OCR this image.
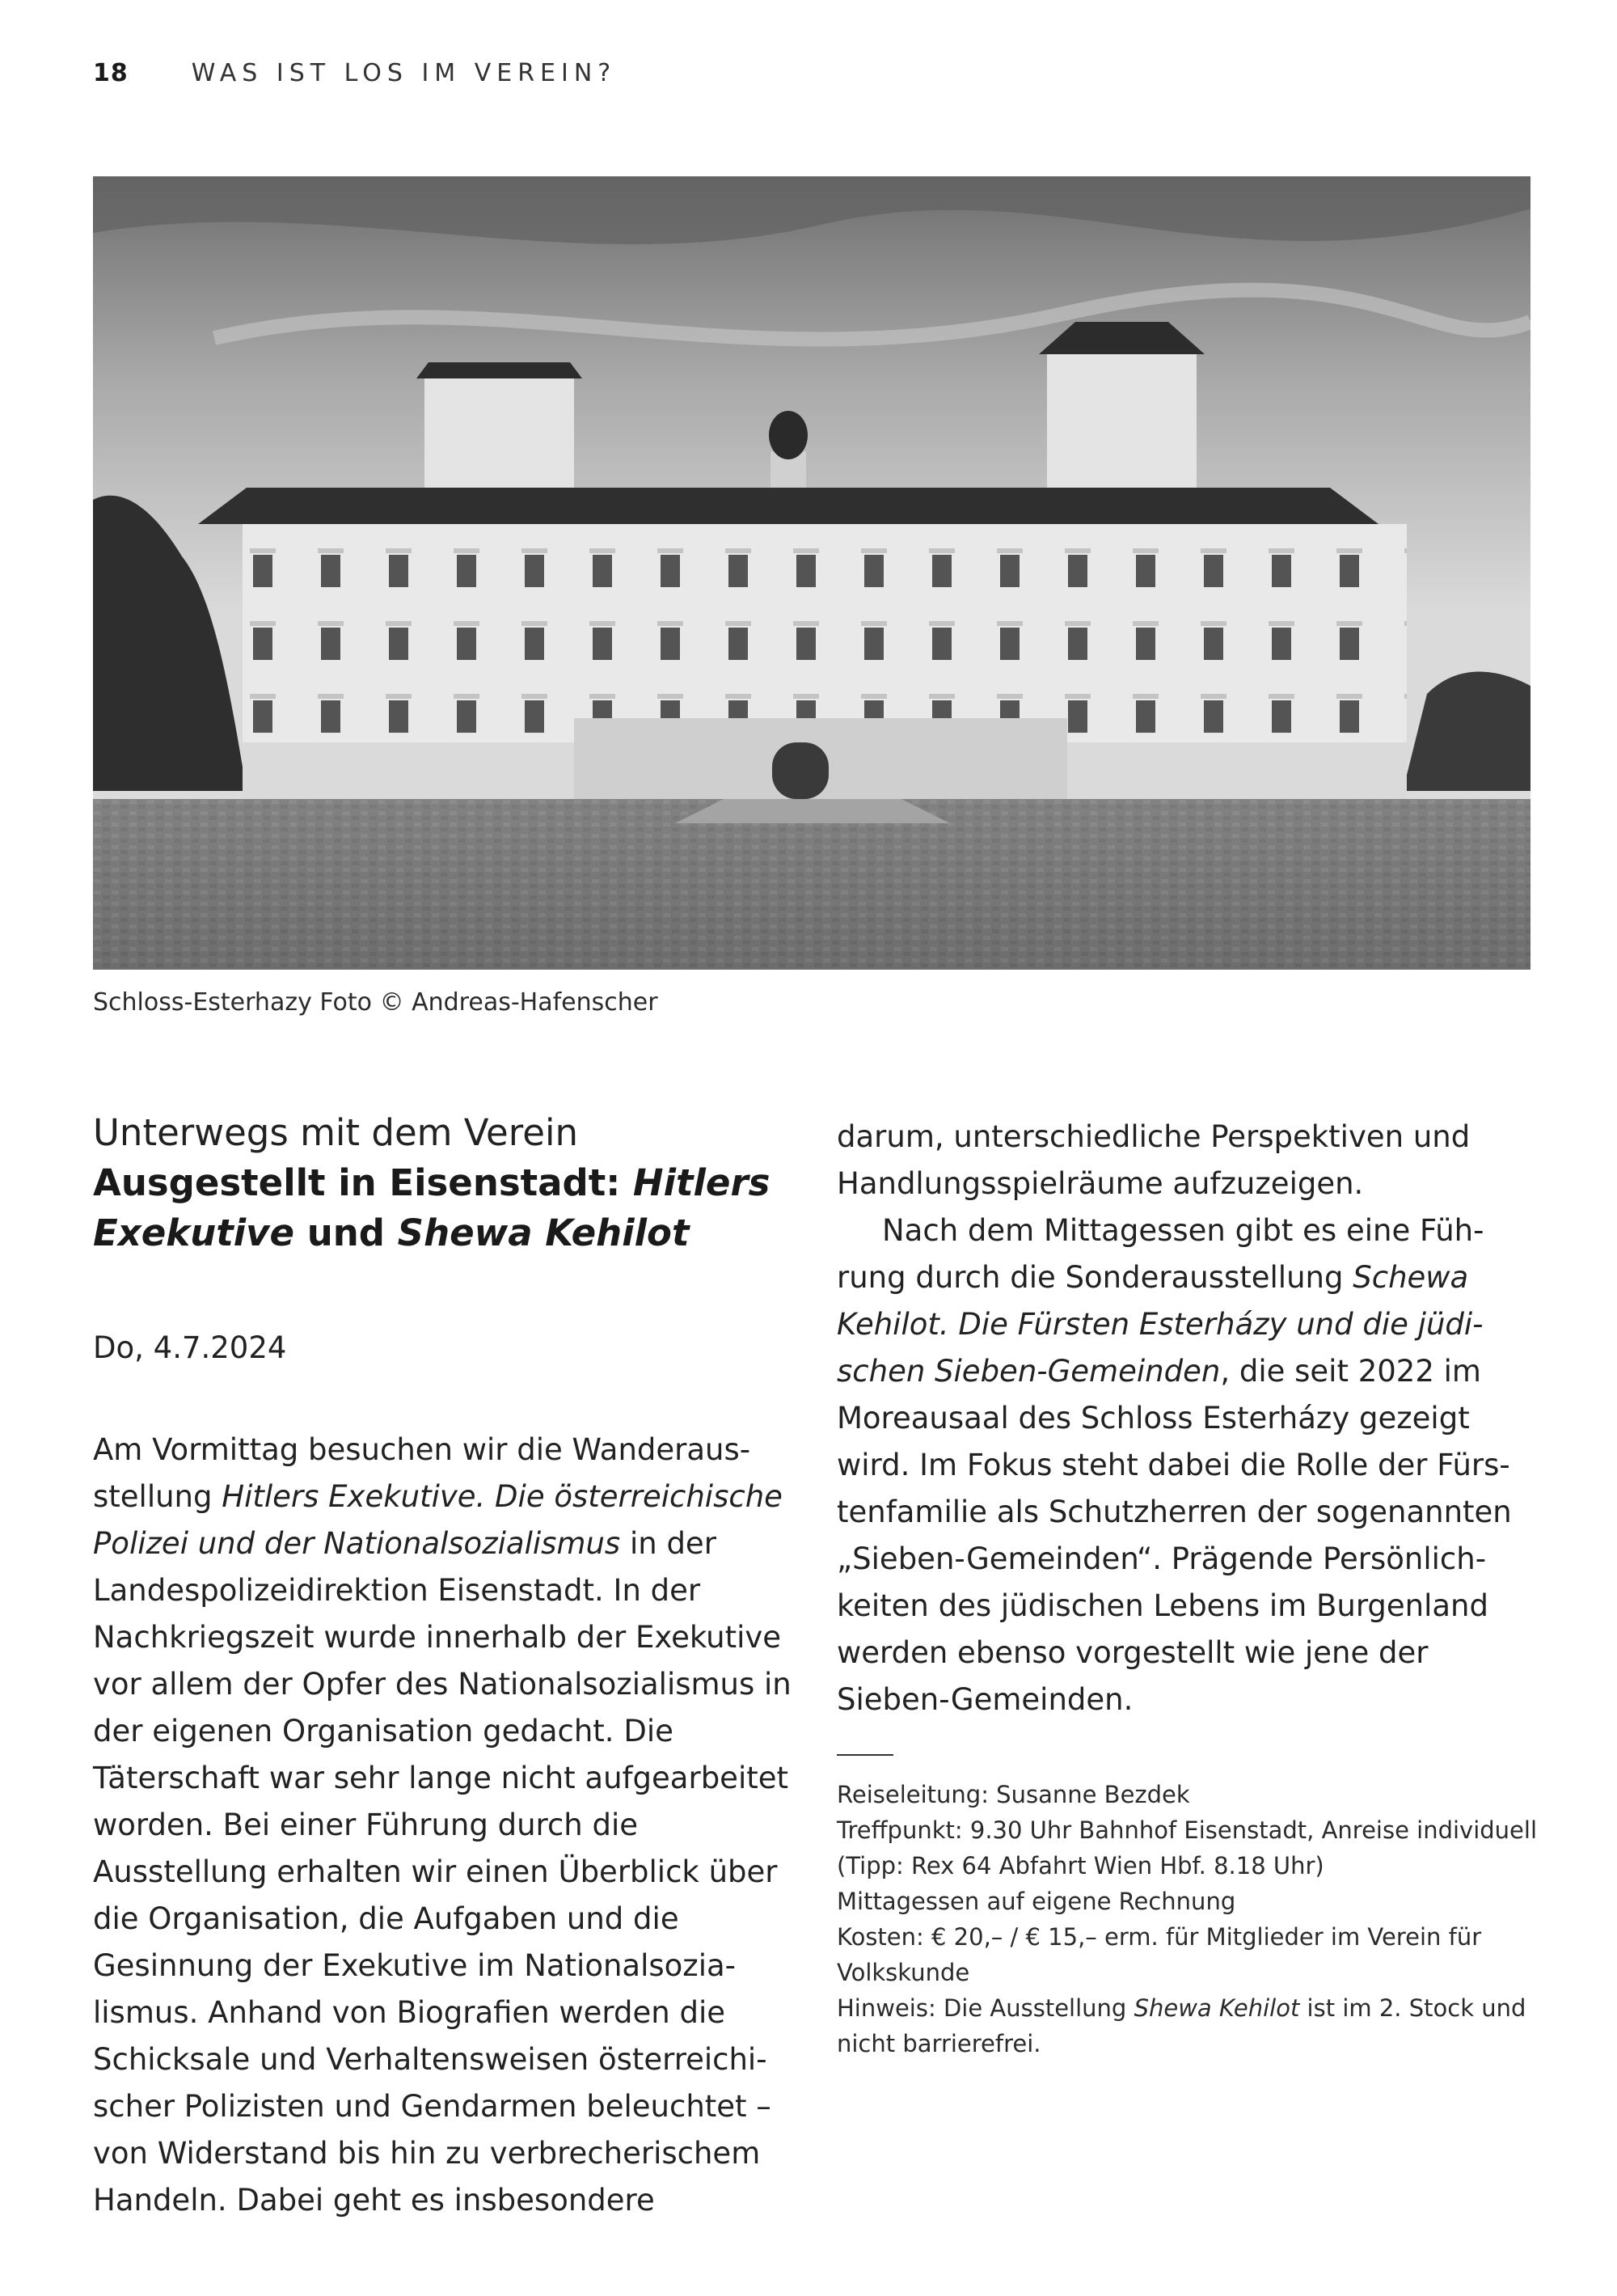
18	WAS IST LOS IM VEREIN?
Schloss-Esterhazy Foto © Andreas-Hafenscher

Unterwegs mit dem Verein

Ausgestellt in Eisenstadt: Hitlers
Exekutive und Shewa Kehilot

Do, 4.7.2024

Am Vormittag besuchen wir die Wanderausstellung Hitlers Exekutive. Die österreichische Polizei und der Nationalsozialismus in der Landespolizeidirektion Eisenstadt. In der Nachkriegszeit wurde innerhalb der Exekutive vor allem der Opfer des Nationalsozialismus in der eigenen Organisation gedacht. Die Täterschaft war sehr lange nicht aufgearbeitet worden. Bei einer Führung durch die Ausstellung erhalten wir einen Überblick über die Organisation, die Aufgaben und die Gesinnung der Exekutive im Nationalsozialismus. Anhand von Biografien werden die Schicksale und Verhaltensweisen österreichischer Polizisten und Gendarmen beleuchtet – von Widerstand bis hin zu verbrecherischem Handeln. Dabei geht es insbesondere

darum, unterschiedliche Perspektiven und Handlungsspielräume aufzuzeigen.

Nach dem Mittagessen gibt es eine Führung durch die Sonderausstellung Schewa Kehilot. Die Fürsten Esterházy und die jüdischen Sieben-Gemeinden, die seit 2022 im Moreausaal des Schloss Esterházy gezeigt wird. Im Fokus steht dabei die Rolle der Fürstenfamilie als Schutzherren der sogenannten „Sieben-Gemeinden“. Prägende Persönlichkeiten des jüdischen Lebens im Burgenland werden ebenso vorgestellt wie jene der Sieben-Gemeinden.

Reiseleitung: Susanne Bezdek

Treffpunkt: 9.30 Uhr Bahnhof Eisenstadt, Anreise individuell (Tipp: Rex 64 Abfahrt Wien Hbf. 8.18 Uhr)

Mittagessen auf eigene Rechnung

Kosten: € 20,– / € 15,– erm. für Mitglieder im Verein für Volkskunde

Hinweis: Die Ausstellung Shewa Kehilot ist im 2. Stock und nicht barrierefrei.
